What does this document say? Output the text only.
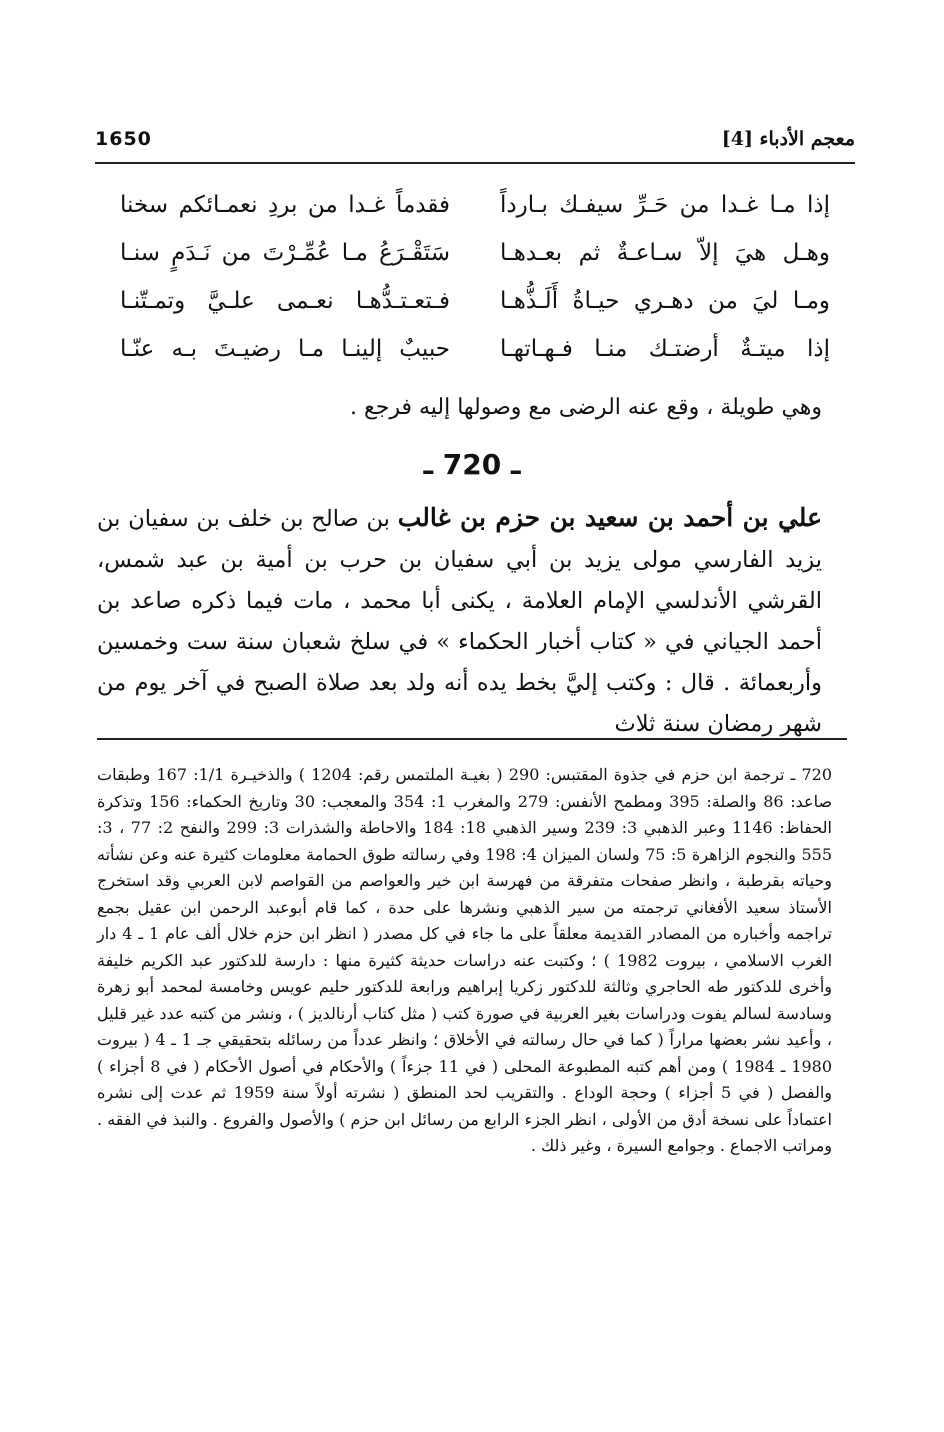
معجم الأدباء [4]
1650
إذا مـا غـدا من حَـرِّ سيفـك بـارداً
فقدماً غـدا من بردِ نعمـائكم سخنا
وهـل هيَ إلاّ سـاعـةٌ ثم بعـدهـا
سَتَقْـرَعُ مـا عُمِّـرْتَ من نَـدَمٍ سنـا
ومـا ليَ من دهـري حيـاةُ أَلَـذُّهـا
فـتعـتـدُّهـا نعـمى علـيَّ وتمـتّنـا
إذا ميتـةٌ أرضتـك منـا فـهـاتهـا
حبيبٌ إلينـا مـا رضيـتَ بـه عنّـا
وهي طويلة ، وقع عنه الرضى مع وصولها إليه فرجع .
ـ 720 ـ
علي بن أحمد بن سعيد بن حزم بن غالب بن صالح بن خلف بن سفيان بن يزيد الفارسي مولى يزيد بن أبي سفيان بن حرب بن أمية بن عبد شمس، القرشي الأندلسي الإمام العلامة ، يكنى أبا محمد ، مات فيما ذكره صاعد بن أحمد الجياني في « كتاب أخبار الحكماء » في سلخ شعبان سنة ست وخمسين وأربعمائة . قال : وكتب إليَّ بخط يده أنه ولد بعد صلاة الصبح في آخر يوم من شهر رمضان سنة ثلاث
720 ـ ترجمة ابن حزم في جذوة المقتبس: 290 ( بغيـة الملتمس رقم: 1204 ) والذخيـرة 1/1: 167 وطبقات صاعد: 86 والصلة: 395 ومطمح الأنفس: 279 والمغرب 1: 354 والمعجب: 30 وتاريخ الحكماء: 156 وتذكرة الحفاظ: 1146 وعبر الذهبي 3: 239 وسير الذهبي 18: 184 والاحاطة والشذرات 3: 299 والنفح 2: 77 ، 3: 555 والنجوم الزاهرة 5: 75 ولسان الميزان 4: 198 وفي رسالته طوق الحمامة معلومات كثيرة عنه وعن نشأته وحياته بقرطبة ، وانظر صفحات متفرقة من فهرسة ابن خير والعواصم من القواصم لابن العربي وقد استخرج الأستاذ سعيد الأفغاني ترجمته من سير الذهبي ونشرها على حدة ، كما قام أبوعبد الرحمن ابن عقيل بجمع تراجمه وأخباره من المصادر القديمة معلقاً على ما جاء في كل مصدر ( انظر ابن حزم خلال ألف عام 1 ـ 4 دار الغرب الاسلامي ، بيروت 1982 ) ؛ وكتبت عنه دراسات حديثة كثيرة منها : دارسة للدكتور عبد الكريم خليفة وأخرى للدكتور طه الحاجري وثالثة للدكتور زكريا إبراهيم ورابعة للدكتور حليم عويس وخامسة لمحمد أبو زهرة وسادسة لسالم يفوت ودراسات بغير العربية في صورة كتب ( مثل كتاب أرنالديز ) ، ونشر من كتبه عدد غير قليل ، وأعيد نشر بعضها مراراً ( كما في حال رسالته في الأخلاق ؛ وانظر عدداً من رسائله بتحقيقي جـ 1 ـ 4 ( بيروت 1980 ـ 1984 ) ومن أهم كتبه المطبوعة المحلى ( في 11 جزءاً ) والأحكام في أصول الأحكام ( في 8 أجزاء ) والفصل ( في 5 أجزاء ) وحجة الوداع . والتقريب لحد المنطق ( نشرته أولاً سنة 1959 ثم عدت إلى نشره اعتماداً على نسخة أدق من الأولى ، انظر الجزء الرابع من رسائل ابن حزم ) والأصول والفروع . والنبذ في الفقه . ومراتب الاجماع . وجوامع السيرة ، وغير ذلك .
